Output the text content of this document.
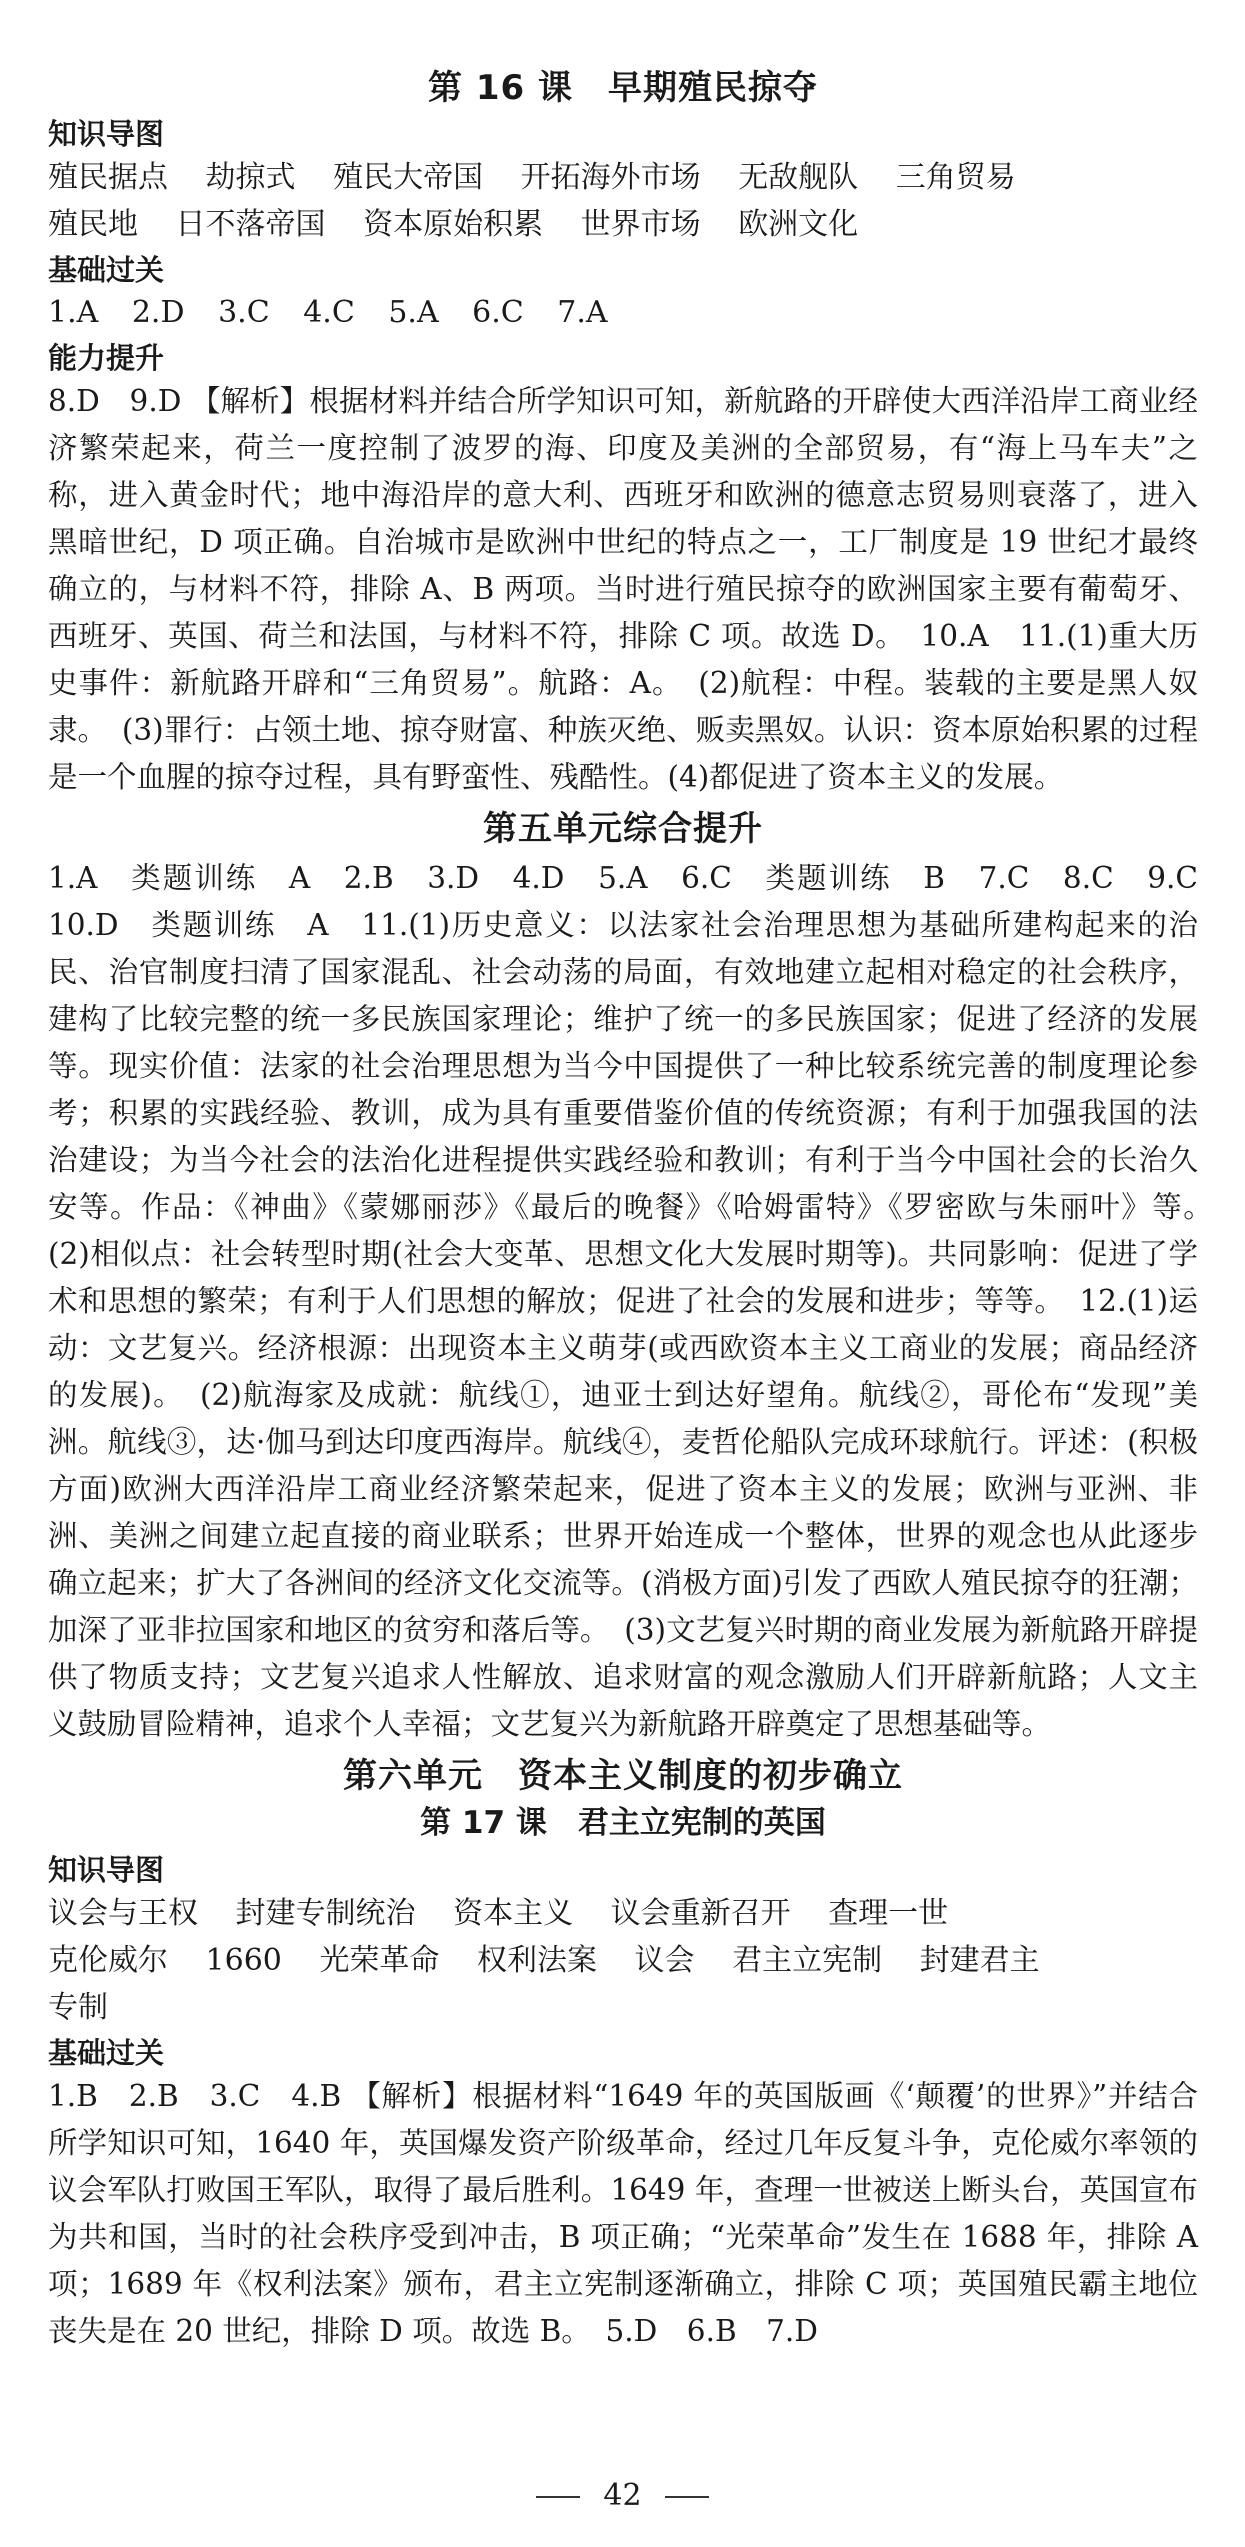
第 16 课　早期殖民掠夺
知识导图
殖民据点 劫掠式 殖民大帝国 开拓海外市场 无敌舰队 三角贸易
殖民地 日不落帝国 资本原始积累 世界市场 欧洲文化
基础过关
1.A 2.D 3.C 4.C 5.A 6.C 7.A
能力提升

8.D　9.D 【解析】根据材料并结合所学知识可知，新航路的开辟使大西洋沿岸工商业经济繁荣起来，荷兰一度控制了波罗的海、印度及美洲的全部贸易，有“海上马车夫”之称，进入黄金时代；地中海沿岸的意大利、西班牙和欧洲的德意志贸易则衰落了，进入黑暗世纪，D 项正确。自治城市是欧洲中世纪的特点之一，工厂制度是 19 世纪才最终确立的，与材料不符，排除 A、B 两项。当时进行殖民掠夺的欧洲国家主要有葡萄牙、西班牙、英国、荷兰和法国，与材料不符，排除 C 项。故选 D。　10.A　11.(1)重大历史事件：新航路开辟和“三角贸易”。航路：A。　(2)航程：中程。装载的主要是黑人奴隶。　(3)罪行：占领土地、掠夺财富、种族灭绝、贩卖黑奴。认识：资本原始积累的过程是一个血腥的掠夺过程，具有野蛮性、残酷性。(4)都促进了资本主义的发展。

第五单元综合提升

1.A　类题训练　A　2.B　3.D　4.D　5.A　6.C　类题训练　B　7.C　8.C　9.C　10.D　类题训练　A　11.(1)历史意义：以法家社会治理思想为基础所建构起来的治民、治官制度扫清了国家混乱、社会动荡的局面，有效地建立起相对稳定的社会秩序，建构了比较完整的统一多民族国家理论；维护了统一的多民族国家；促进了经济的发展等。现实价值：法家的社会治理思想为当今中国提供了一种比较系统完善的制度理论参考；积累的实践经验、教训，成为具有重要借鉴价值的传统资源；有利于加强我国的法治建设；为当今社会的法治化进程提供实践经验和教训；有利于当今中国社会的长治久安等。作品：《神曲》《蒙娜丽莎》《最后的晚餐》《哈姆雷特》《罗密欧与朱丽叶》等。　(2)相似点：社会转型时期(社会大变革、思想文化大发展时期等)。共同影响：促进了学术和思想的繁荣；有利于人们思想的解放；促进了社会的发展和进步；等等。　12.(1)运动：文艺复兴。经济根源：出现资本主义萌芽(或西欧资本主义工商业的发展；商品经济的发展)。　(2)航海家及成就：航线①，迪亚士到达好望角。航线②，哥伦布“发现”美洲。航线③，达·伽马到达印度西海岸。航线④，麦哲伦船队完成环球航行。评述：(积极方面)欧洲大西洋沿岸工商业经济繁荣起来，促进了资本主义的发展；欧洲与亚洲、非洲、美洲之间建立起直接的商业联系；世界开始连成一个整体，世界的观念也从此逐步确立起来；扩大了各洲间的经济文化交流等。(消极方面)引发了西欧人殖民掠夺的狂潮；加深了亚非拉国家和地区的贫穷和落后等。　(3)文艺复兴时期的商业发展为新航路开辟提供了物质支持；文艺复兴追求人性解放、追求财富的观念激励人们开辟新航路；人文主义鼓励冒险精神，追求个人幸福；文艺复兴为新航路开辟奠定了思想基础等。

第六单元　资本主义制度的初步确立
第 17 课　君主立宪制的英国
知识导图
议会与王权 封建专制统治 资本主义 议会重新召开 查理一世
克伦威尔 1660 光荣革命 权利法案 议会 君主立宪制 封建君主
专制
基础过关

1.B　2.B　3.C　4.B 【解析】根据材料“1649 年的英国版画《‘颠覆’的世界》”并结合所学知识可知，1640 年，英国爆发资产阶级革命，经过几年反复斗争，克伦威尔率领的议会军队打败国王军队，取得了最后胜利。1649 年，查理一世被送上断头台，英国宣布为共和国，当时的社会秩序受到冲击，B 项正确；“光荣革命”发生在 1688 年，排除 A 项；1689 年《权利法案》颁布，君主立宪制逐渐确立，排除 C 项；英国殖民霸主地位丧失是在 20 世纪，排除 D 项。故选 B。　5.D　6.B　7.D

42
